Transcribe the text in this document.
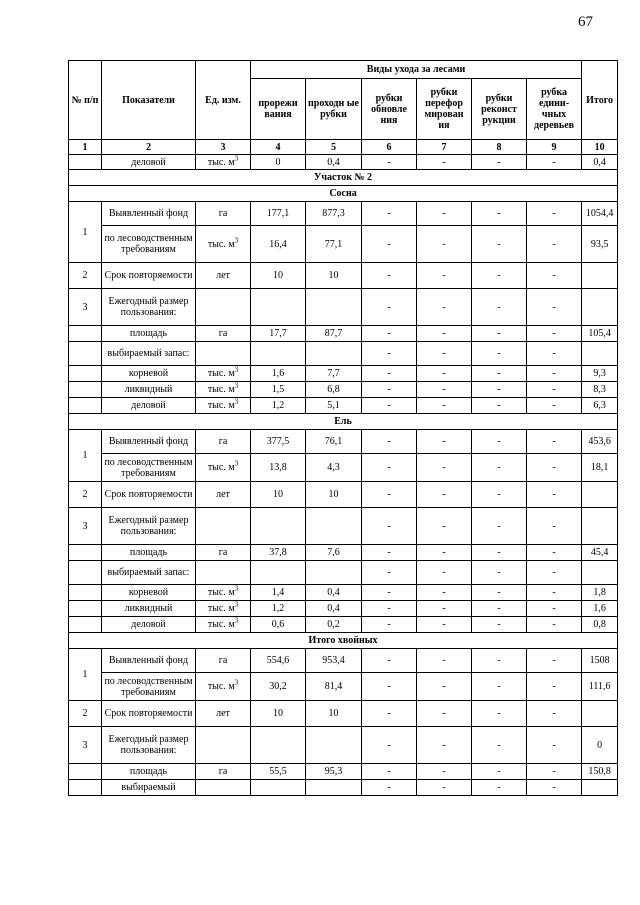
67
№ п/п	Показатели	Ед. изм.	Виды ухода за лесами						Итого
			прорежи вания	проходн ые рубки	рубки обновле ния	рубки перефор мирован ия	рубки реконст рукции	рубка едини- чных деревьев	
1	2	3	4	5	6	7	8	9	10
	деловой	тыс. $м^3$	0	0,4	-	-	-	-	0,4
Участок № 2									
Сосна									
1	Выявленный фонд	га	177,1	877,3	-	-	-	-	1054,4
	по лесоводственным требованиям	тыс. $м^3$	16,4	77,1	-	-	-	-	93,5
2	Срок повторяемости	лет	10	10	-	-	-	-	
3	Ежегодный размер пользования:				-	-	-	-	
	площадь	га	17,7	87,7	-	-	-	-	105,4
	выбираемый запас:				-	-	-	-	
	корневой	тыс. $м^3$	1,6	7,7	-	-	-	-	9,3
	ликвидный	тыс. $м^3$	1,5	6,8	-	-	-	-	8,3
	деловой	тыс. $м^3$	1,2	5,1	-	-	-	-	6,3
Ель									
1	Выявленный фонд	га	377,5	76,1	-	-	-	-	453,6
	по лесоводственным требованиям	тыс. $м^3$	13,8	4,3	-	-	-	-	18,1
2	Срок повторяемости	лет	10	10	-	-	-	-	
3	Ежегодный размер пользования:				-	-	-	-	
	площадь	га	37,8	7,6	-	-	-	-	45,4
	выбираемый запас:				-	-	-	-	
	корневой	тыс. $м^3$	1,4	0,4	-	-	-	-	1,8
	ликвидный	тыс. $м^3$	1,2	0,4	-	-	-	-	1,6
	деловой	тыс. $м^3$	0,6	0,2	-	-	-	-	0,8
Итого хвойных									
1	Выявленный фонд	га	554,6	953,4	-	-	-	-	1508
	по лесоводственным требованиям	тыс. $м^3$	30,2	81,4	-	-	-	-	111,6
2	Срок повторяемости	лет	10	10	-	-	-	-	
3	Ежегодный размер пользования:				-	-	-	-	0
	площадь	га	55,5	95,3	-	-	-	-	150,8
	выбираемый				-	-	-	-	
